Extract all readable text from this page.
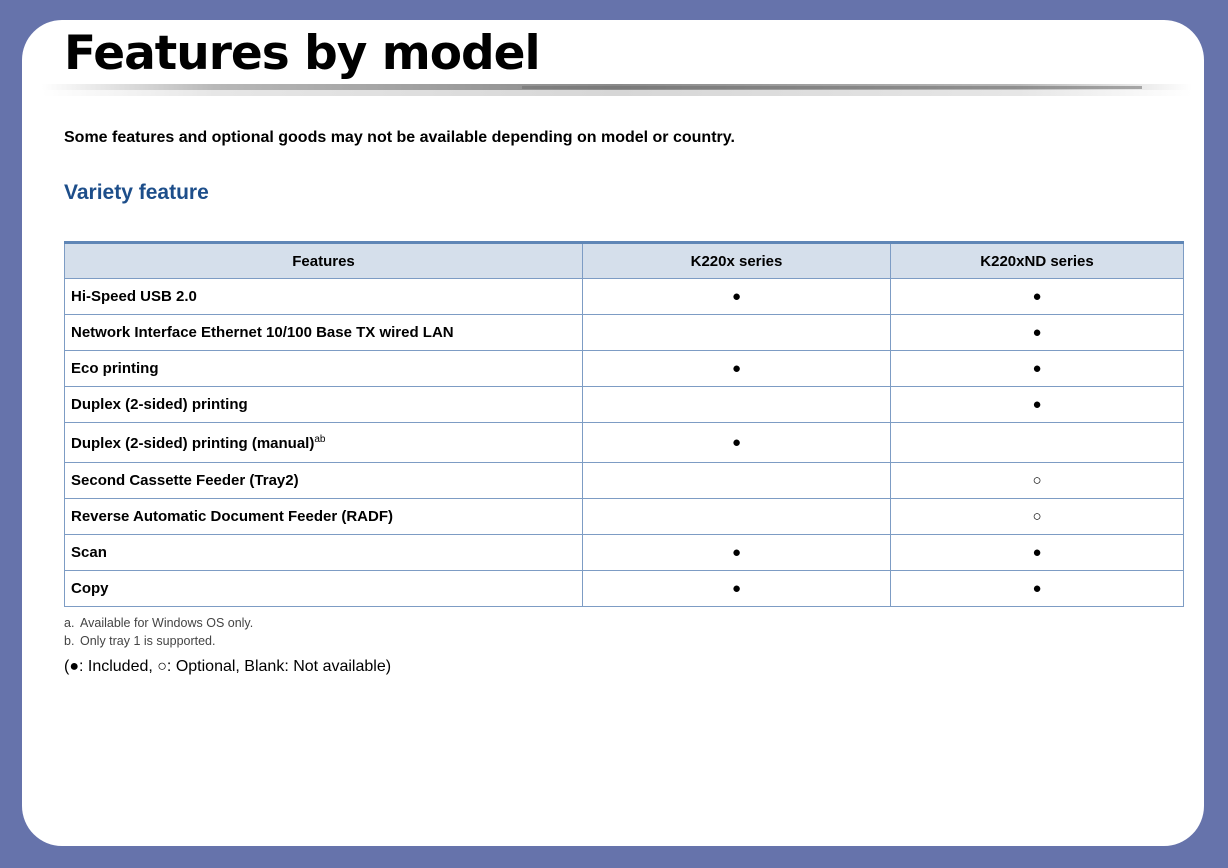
Features by model

Some features and optional goods may not be available depending on model or country.

Variety feature
Features	K220x series	K220xND series
Hi-Speed USB 2.0	●	●
Network Interface Ethernet 10/100 Base TX wired LAN		●
Eco printing	●	●
Duplex (2-sided) printing		●
Duplex (2-sided) printing (manual)$^{ab}$	●	
Second Cassette Feeder (Tray2)		○
Reverse Automatic Document Feeder (RADF)		○
Scan	●	●
Copy	●	●
a. Available for Windows OS only.
b. Only tray 1 is supported.
(●: Included, ○: Optional, Blank: Not available)
